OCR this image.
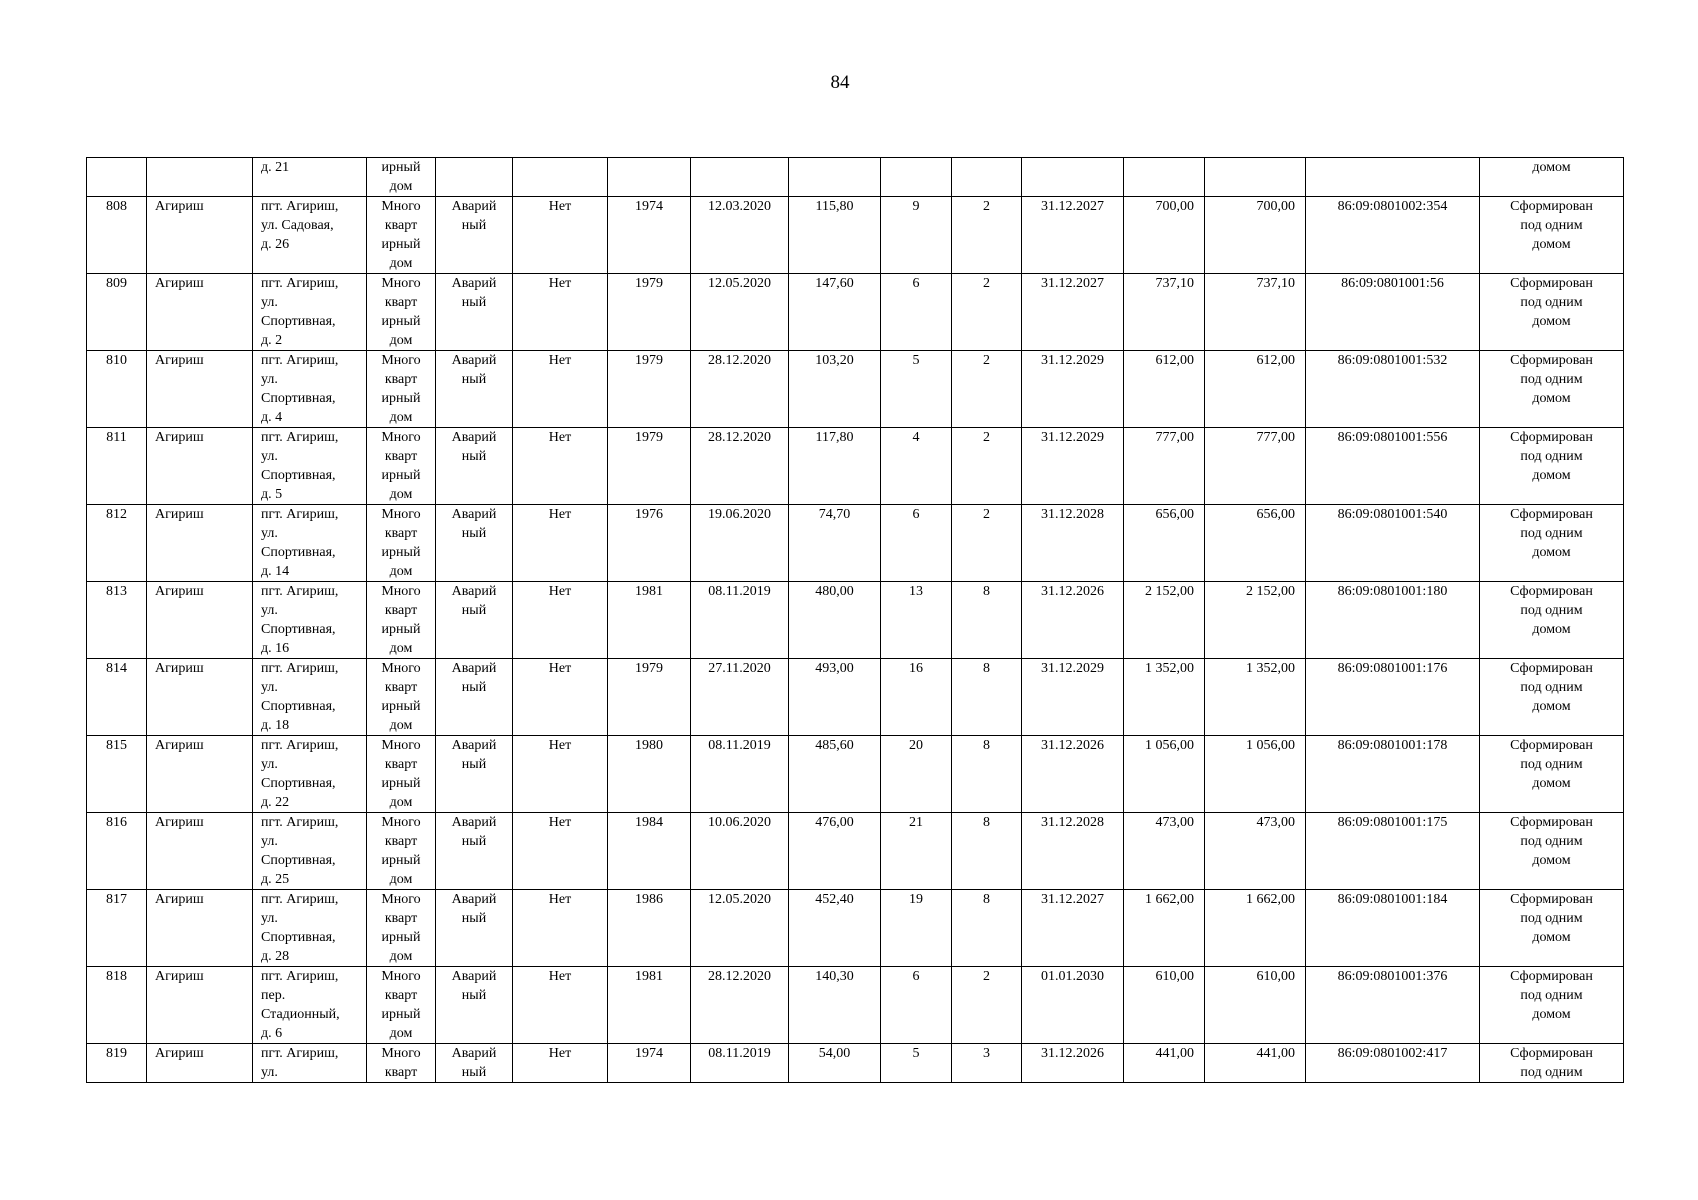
84
		д. 21	ирный
дом												домом
808	Агириш	пгт. Агириш,
ул. Садовая,
д. 26	Много
кварт
ирный
дом	Аварий
ный	Нет	1974	12.03.2020	115,80	9	2	31.12.2027	700,00	700,00	86:09:0801002:354	Сформирован
под одним
домом
809	Агириш	пгт. Агириш,
ул.
Спортивная,
д. 2	Много
кварт
ирный
дом	Аварий
ный	Нет	1979	12.05.2020	147,60	6	2	31.12.2027	737,10	737,10	86:09:0801001:56	Сформирован
под одним
домом
810	Агириш	пгт. Агириш,
ул.
Спортивная,
д. 4	Много
кварт
ирный
дом	Аварий
ный	Нет	1979	28.12.2020	103,20	5	2	31.12.2029	612,00	612,00	86:09:0801001:532	Сформирован
под одним
домом
811	Агириш	пгт. Агириш,
ул.
Спортивная,
д. 5	Много
кварт
ирный
дом	Аварий
ный	Нет	1979	28.12.2020	117,80	4	2	31.12.2029	777,00	777,00	86:09:0801001:556	Сформирован
под одним
домом
812	Агириш	пгт. Агириш,
ул.
Спортивная,
д. 14	Много
кварт
ирный
дом	Аварий
ный	Нет	1976	19.06.2020	74,70	6	2	31.12.2028	656,00	656,00	86:09:0801001:540	Сформирован
под одним
домом
813	Агириш	пгт. Агириш,
ул.
Спортивная,
д. 16	Много
кварт
ирный
дом	Аварий
ный	Нет	1981	08.11.2019	480,00	13	8	31.12.2026	2 152,00	2 152,00	86:09:0801001:180	Сформирован
под одним
домом
814	Агириш	пгт. Агириш,
ул.
Спортивная,
д. 18	Много
кварт
ирный
дом	Аварий
ный	Нет	1979	27.11.2020	493,00	16	8	31.12.2029	1 352,00	1 352,00	86:09:0801001:176	Сформирован
под одним
домом
815	Агириш	пгт. Агириш,
ул.
Спортивная,
д. 22	Много
кварт
ирный
дом	Аварий
ный	Нет	1980	08.11.2019	485,60	20	8	31.12.2026	1 056,00	1 056,00	86:09:0801001:178	Сформирован
под одним
домом
816	Агириш	пгт. Агириш,
ул.
Спортивная,
д. 25	Много
кварт
ирный
дом	Аварий
ный	Нет	1984	10.06.2020	476,00	21	8	31.12.2028	473,00	473,00	86:09:0801001:175	Сформирован
под одним
домом
817	Агириш	пгт. Агириш,
ул.
Спортивная,
д. 28	Много
кварт
ирный
дом	Аварий
ный	Нет	1986	12.05.2020	452,40	19	8	31.12.2027	1 662,00	1 662,00	86:09:0801001:184	Сформирован
под одним
домом
818	Агириш	пгт. Агириш,
пер.
Стадионный,
д. 6	Много
кварт
ирный
дом	Аварий
ный	Нет	1981	28.12.2020	140,30	6	2	01.01.2030	610,00	610,00	86:09:0801001:376	Сформирован
под одним
домом
819	Агириш	пгт. Агириш,
ул.	Много
кварт	Аварий
ный	Нет	1974	08.11.2019	54,00	5	3	31.12.2026	441,00	441,00	86:09:0801002:417	Сформирован
под одним
